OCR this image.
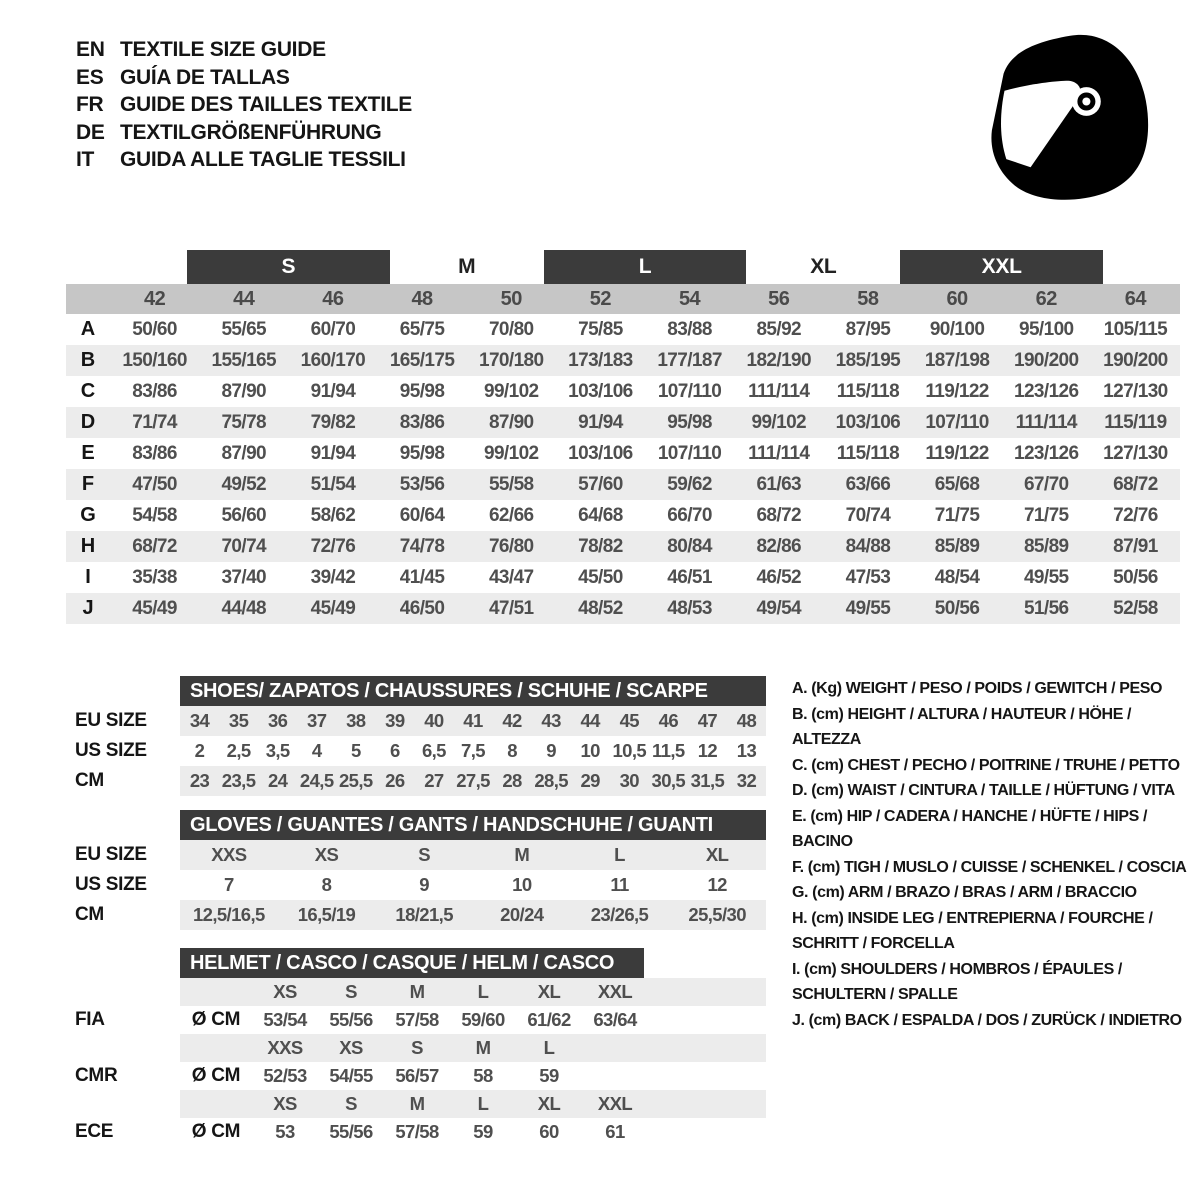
EN TEXTILE SIZE GUIDE
ES GUÍA DE TALLAS
FR GUIDE DES TAILLES TEXTILE
DE TEXTILGRÖßENFÜHRUNG
IT	GUIDA ALLE TAGLIE TESSILI
S	M	L	XL	XXL
42	44	46	48	50	52	54	56	58	60	62	64
A	50/60	55/65	60/70	65/75	70/80	75/85	83/88	85/92	87/95	90/100	95/100	105/115
B	150/160	155/165	160/170	165/175	170/180	173/183	177/187	182/190	185/195	187/198	190/200	190/200
C	83/86	87/90	91/94	95/98	99/102	103/106	107/110	111/114	115/118	119/122	123/126	127/130
D	71/74	75/78	79/82	83/86	87/90	91/94	95/98	99/102	103/106	107/110	111/114	115/119
E	83/86	87/90	91/94	95/98	99/102	103/106	107/110	111/114	115/118	119/122	123/126	127/130
F	47/50	49/52	51/54	53/56	55/58	57/60	59/62	61/63	63/66	65/68	67/70	68/72
G	54/58	56/60	58/62	60/64	62/66	64/68	66/70	68/72	70/74	71/75	71/75	72/76
H	68/72	70/74	72/76	74/78	76/80	78/82	80/84	82/86	84/88	85/89	85/89	87/91
I	35/38	37/40	39/42	41/45	43/47	45/50	46/51	46/52	47/53	48/54	49/55	50/56
J	45/49	44/48	45/49	46/50	47/51	48/52	48/53	49/54	49/55	50/56	51/56	52/58
SHOES/ ZAPATOS / CHAUSSURES / SCHUHE / SCARPE
EU SIZE	34	35	36	37	38	39	40	41	42	43	44	45	46	47	48
US SIZE	2	2,5 3,5	4	5	6	6,5 7,5	8	9	10 10,5 11,5 12	13
CM	23 23,5 24 24,5 25,5 26	27 27,5 28 28,5 29	30 30,5 31,5 32
GLOVES / GUANTES / GANTS / HANDSCHUHE / GUANTI
EU SIZE	XXS	XS	S	M	L	XL
US SIZE	7	8	9	10	11	12
CM	12,5/16,5	16,5/19	18/21,5	20/24	23/26,5	25,5/30
HELMET / CASCO / CASQUE / HELM / CASCO
XS	S	M	L	XL	XXL
FIA	Ø CM	53/54	55/56	57/58	59/60	61/62	63/64
XXS	XS	S	M	L
CMR	Ø CM	52/53	54/55	56/57	58	59
XS	S	M	L	XL	XXL
ECE	Ø CM	53	55/56	57/58	59	60	61
A. (Kg) WEIGHT / PESO / POIDS / GEWITCH / PESO
B. (cm) HEIGHT / ALTURA / HAUTEUR / HÖHE / ALTEZZA
C. (cm) CHEST / PECHO / POITRINE / TRUHE / PETTO
D. (cm) WAIST / CINTURA / TAILLE / HÜFTUNG / VITA
E. (cm) HIP / CADERA / HANCHE / HÜFTE / HIPS / BACINO
F. (cm) TIGH / MUSLO / CUISSE / SCHENKEL / COSCIA
G. (cm) ARM / BRAZO / BRAS / ARM / BRACCIO
H. (cm) INSIDE LEG / ENTREPIERNA / FOURCHE / SCHRITT / FORCELLA
I. (cm) SHOULDERS / HOMBROS / ÉPAULES / SCHULTERN / SPALLE
J. (cm) BACK / ESPALDA / DOS / ZURÜCK / INDIETRO
